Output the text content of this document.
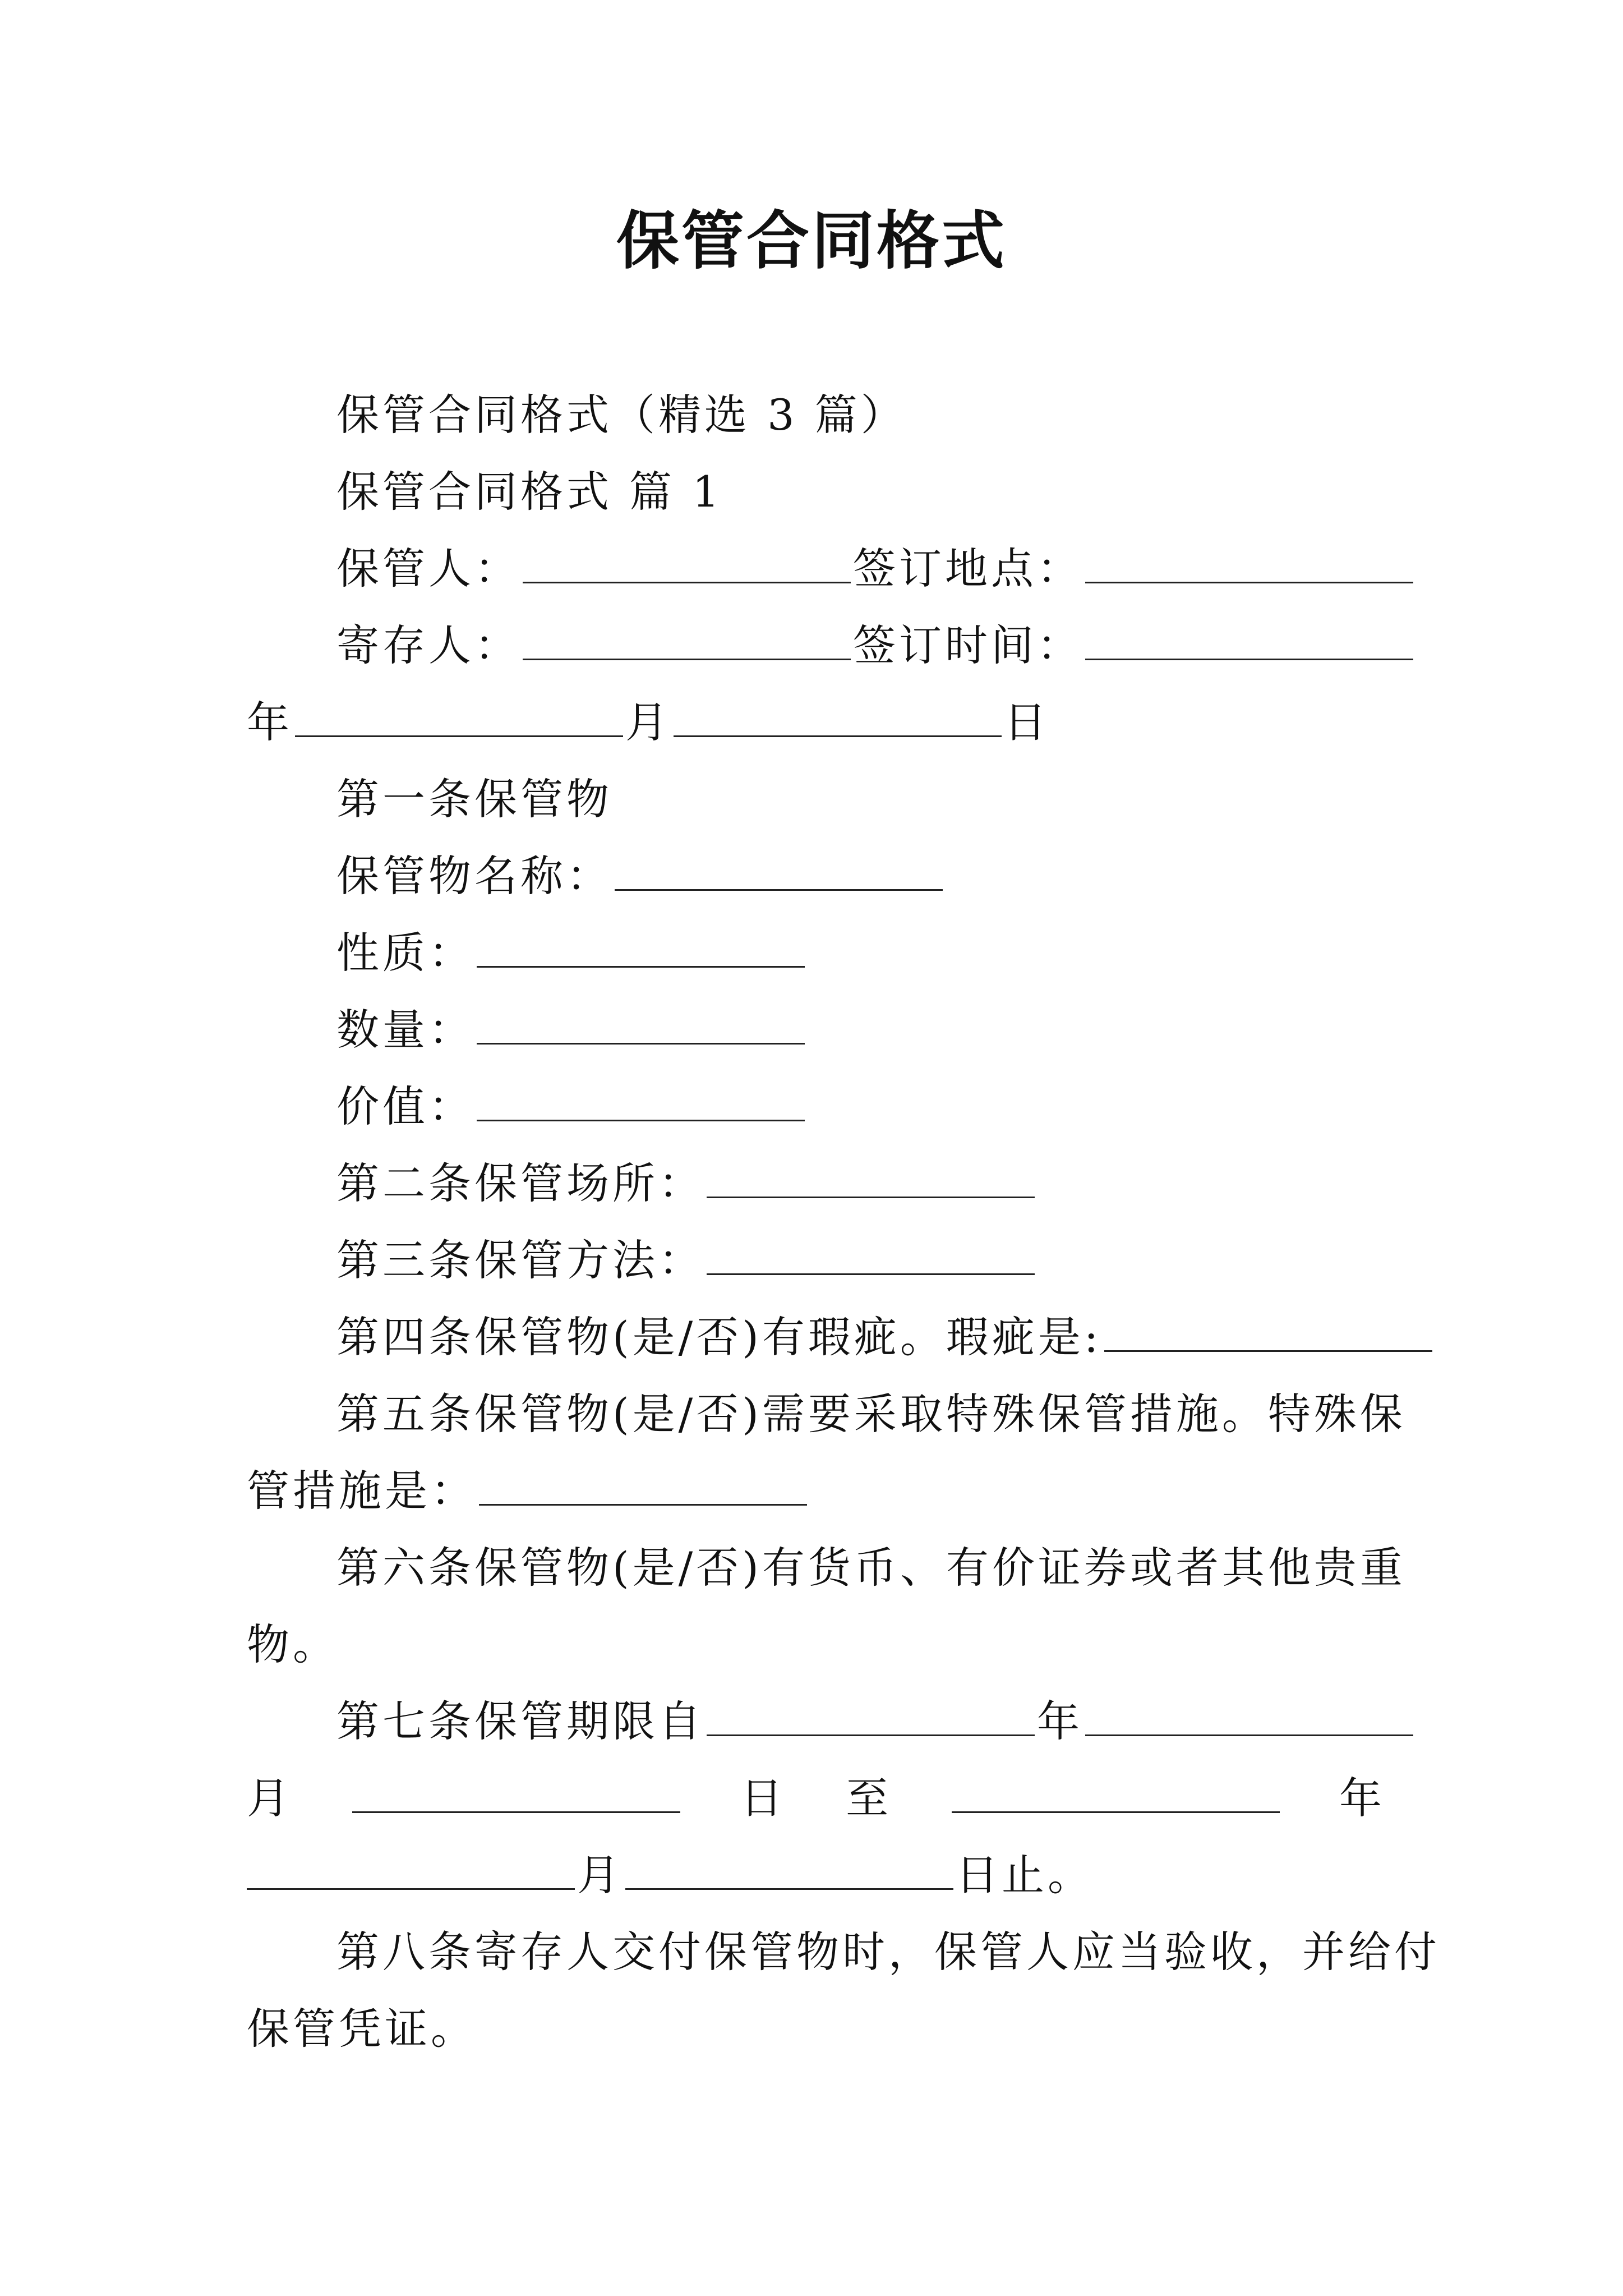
保管合同格式
保管合同格式（精选 3 篇）
保管合同格式 篇 1
保管人：	签订地点：
寄存人：	签订时间：
年	月	日
第一条保管物
保管物名称：
性质：
数量：
价值：
第二条保管场所：
第三条保管方法：
第四条保管物(是/否)有瑕疵。瑕疵是:
第五条保管物(是/否)需要采取特殊保管措施。特殊保
管措施是：
第六条保管物(是/否)有货币、有价证券或者其他贵重
物。
第七条保管期限自	年
月	日 至	年
月	日止。
第八条寄存人交付保管物时，保管人应当验收，并给付
保管凭证。
